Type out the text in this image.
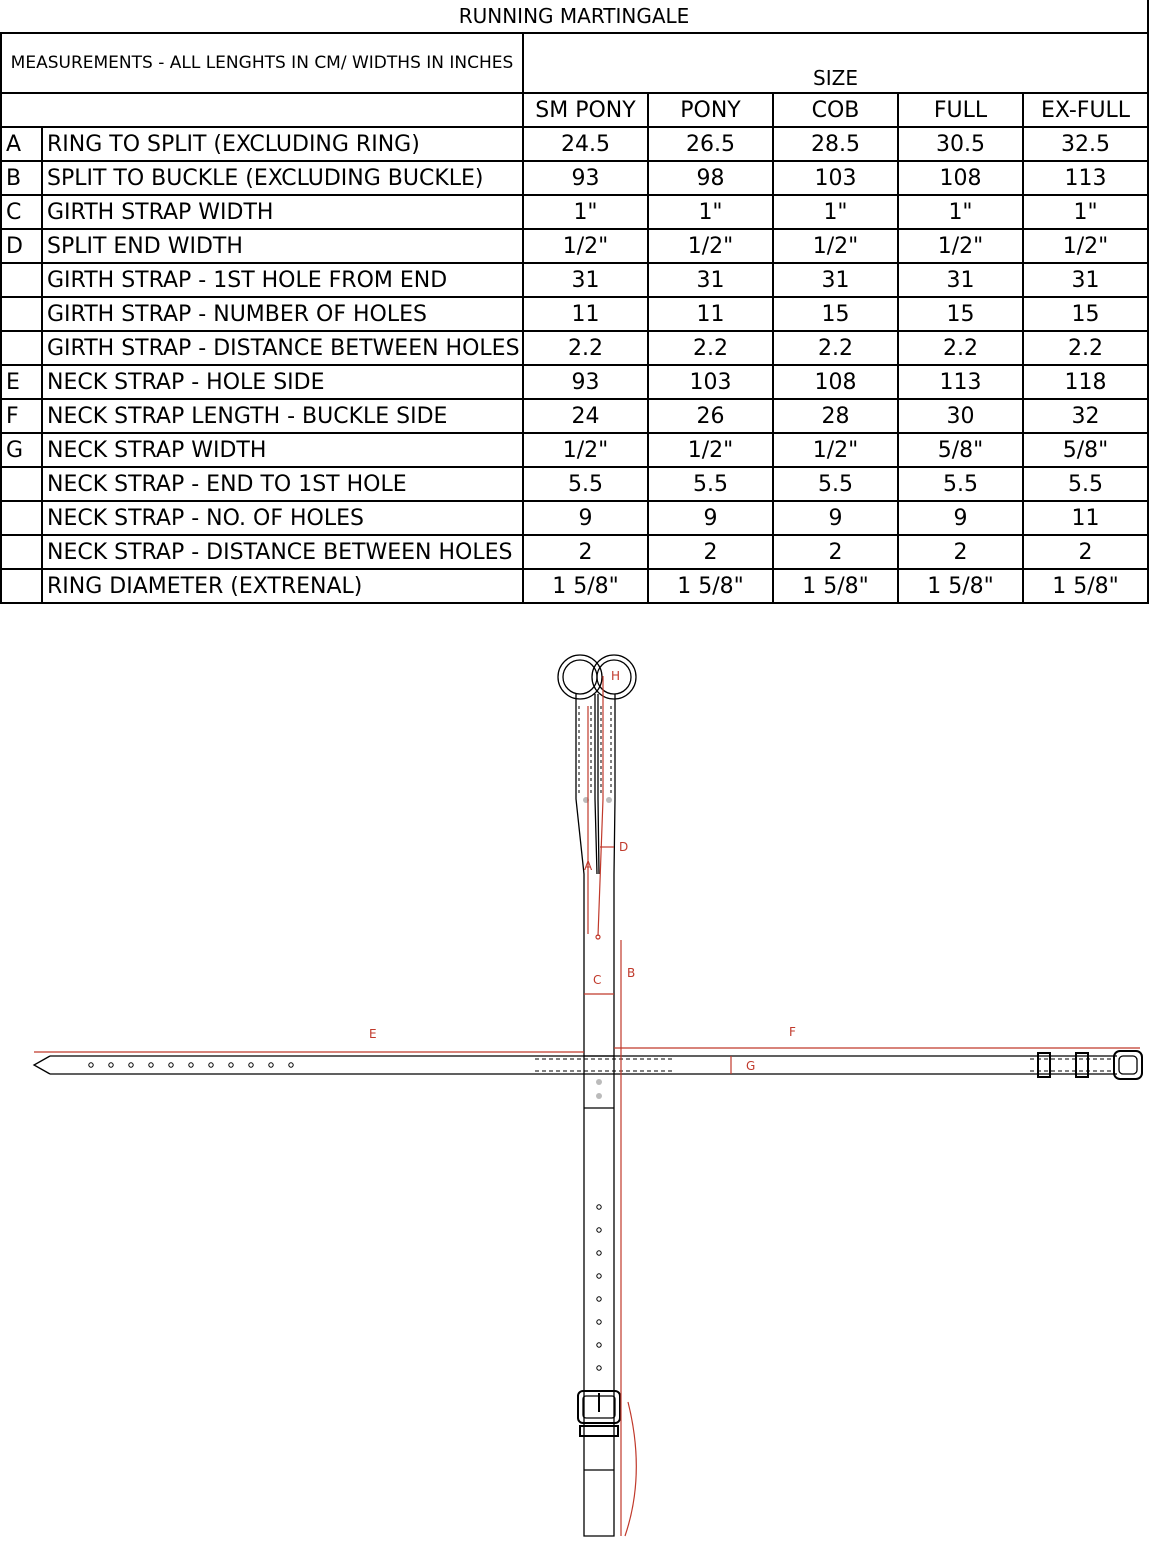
RUNNING MARTINGALE						
MEASUREMENTS - ALL LENGHTS IN CM/ WIDTHS IN INCHES		SIZE				
		SM PONY	PONY	COB	FULL	EX-FULL
A	RING TO SPLIT (EXCLUDING RING)	24.5	26.5	28.5	30.5	32.5
B	SPLIT TO BUCKLE (EXCLUDING BUCKLE)	93	98	103	108	113
C	GIRTH STRAP WIDTH	1"	1"	1"	1"	1"
D	SPLIT END WIDTH	1/2"	1/2"	1/2"	1/2"	1/2"
	GIRTH STRAP - 1ST HOLE FROM END	31	31	31	31	31
	GIRTH STRAP - NUMBER OF HOLES	11	11	15	15	15
	GIRTH STRAP - DISTANCE BETWEEN HOLES	2.2	2.2	2.2	2.2	2.2
E	NECK STRAP - HOLE SIDE	93	103	108	113	118
F	NECK STRAP LENGTH - BUCKLE SIDE	24	26	28	30	32
G	NECK STRAP WIDTH	1/2"	1/2"	1/2"	5/8"	5/8"
	NECK STRAP - END TO 1ST HOLE	5.5	5.5	5.5	5.5	5.5
	NECK STRAP - NO. OF HOLES	9	9	9	9	11
	NECK STRAP - DISTANCE BETWEEN HOLES	2	2	2	2	2
	RING DIAMETER (EXTRENAL)	1 5/8"	1 5/8"	1 5/8"	1 5/8"	1 5/8"
H
D
A
C B
E	F
G
